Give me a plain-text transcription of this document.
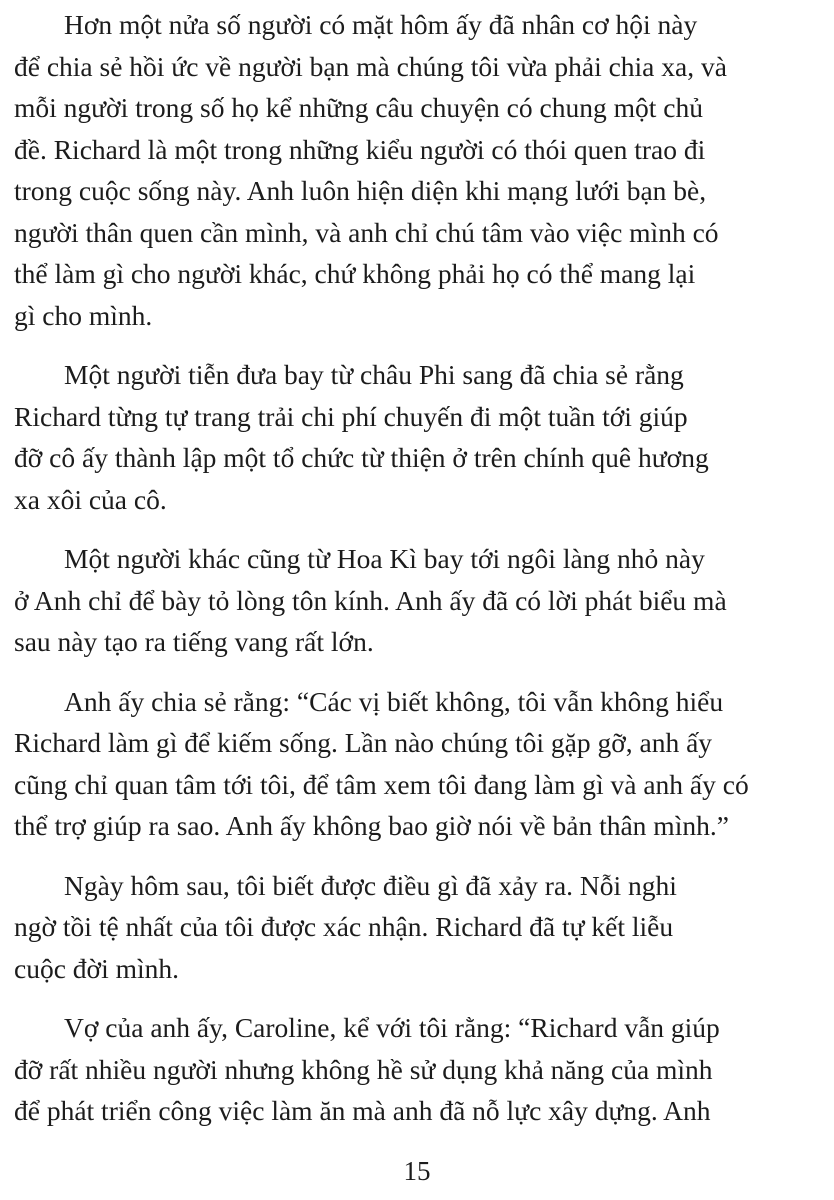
Hơn một nửa số người có mặt hôm ấy đã nhân cơ hội này
để chia sẻ hồi ức về người bạn mà chúng tôi vừa phải chia xa, và
mỗi người trong số họ kể những câu chuyện có chung một chủ
đề. Richard là một trong những kiểu người có thói quen trao đi
trong cuộc sống này. Anh luôn hiện diện khi mạng lưới bạn bè,
người thân quen cần mình, và anh chỉ chú tâm vào việc mình có
thể làm gì cho người khác, chứ không phải họ có thể mang lại
gì cho mình.

Một người tiễn đưa bay từ châu Phi sang đã chia sẻ rằng
Richard từng tự trang trải chi phí chuyến đi một tuần tới giúp
đỡ cô ấy thành lập một tổ chức từ thiện ở trên chính quê hương
xa xôi của cô.

Một người khác cũng từ Hoa Kì bay tới ngôi làng nhỏ này
ở Anh chỉ để bày tỏ lòng tôn kính. Anh ấy đã có lời phát biểu mà
sau này tạo ra tiếng vang rất lớn.

Anh ấy chia sẻ rằng: “Các vị biết không, tôi vẫn không hiểu
Richard làm gì để kiếm sống. Lần nào chúng tôi gặp gỡ, anh ấy
cũng chỉ quan tâm tới tôi, để tâm xem tôi đang làm gì và anh ấy có
thể trợ giúp ra sao. Anh ấy không bao giờ nói về bản thân mình.”

Ngày hôm sau, tôi biết được điều gì đã xảy ra. Nỗi nghi
ngờ tồi tệ nhất của tôi được xác nhận. Richard đã tự kết liễu
cuộc đời mình.

Vợ của anh ấy, Caroline, kể với tôi rằng: “Richard vẫn giúp
đỡ rất nhiều người nhưng không hề sử dụng khả năng của mình
để phát triển công việc làm ăn mà anh đã nỗ lực xây dựng. Anh

15
